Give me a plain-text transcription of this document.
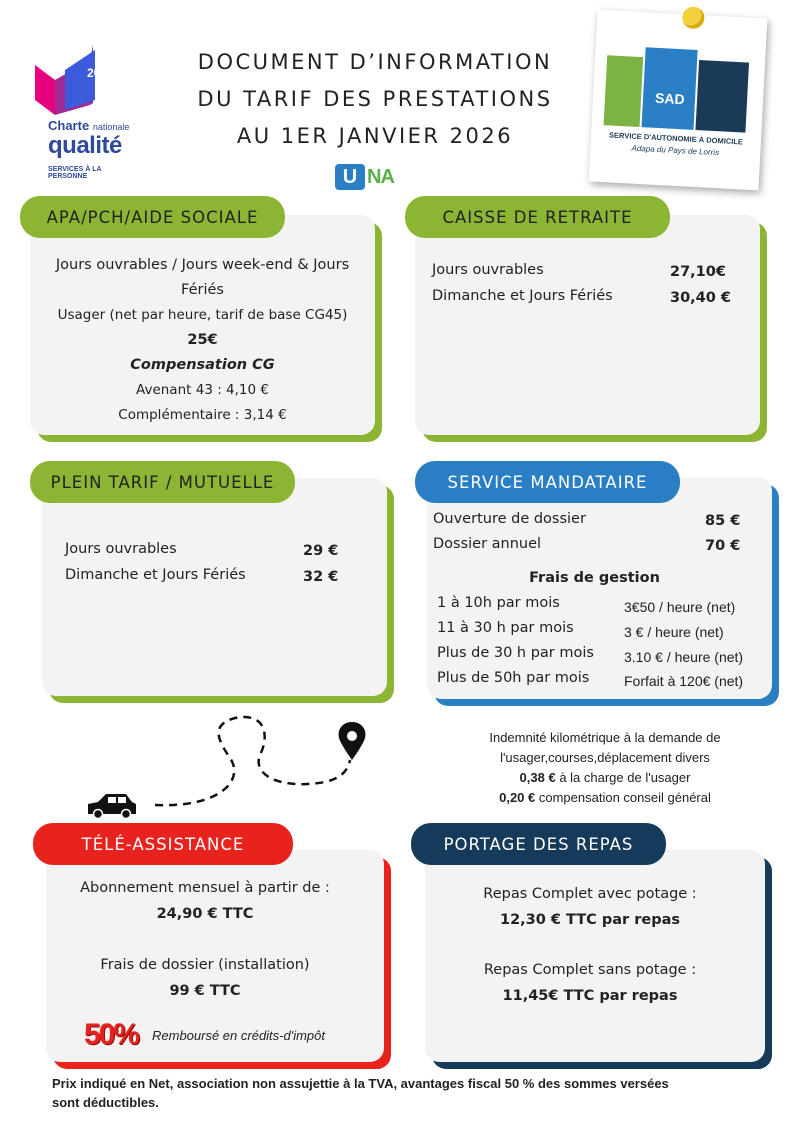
DOCUMENT D’INFORMATION
DU TARIF DES PRESTATIONS
AU 1ER JANVIER 2026
2024
Charte nationale
qualité
SERVICES À LA PERSONNE	U NA
SAD
SERVICE D'AUTONOMIE À DOMICILE
Adapa du Pays de Lorris
APA/PCH/AIDE SOCIALE
Jours ouvrables / Jours week-end & Jours
Fériés
Usager (net par heure, tarif de base CG45)
25€
Compensation CG
Avenant 43 : 4,10 €
Complémentaire : 3,14 €
CAISSE DE RETRAITE
Jours ouvrables	27,10€
Dimanche et Jours Fériés	30,40 €
PLEIN TARIF / MUTUELLE
Jours ouvrables	29 €
Dimanche et Jours Fériés	32 €
SERVICE MANDATAIRE
Ouverture de dossier	85 €
Dossier annuel	70 €
Frais de gestion
1 à 10h par mois	3€50 / heure (net)
11 à 30 h par mois	3 € / heure (net)
Plus de 30 h par mois 3.10 € / heure (net)
Plus de 50h par mois Forfait à 120€ (net)
Indemnité kilométrique à la demande de
l'usager,courses,déplacement divers
0,38 € à la charge de l'usager
0,20 € compensation conseil général
TÉLÉ-ASSISTANCE
Abonnement mensuel à partir de :
24,90 € TTC
Frais de dossier (installation)
99 € TTC
50% Remboursé en crédits-d'impôt
PORTAGE DES REPAS
Repas Complet avec potage :
12,30 € TTC par repas
Repas Complet sans potage :
11,45€ TTC par repas
Prix indiqué en Net, association non assujettie à la TVA, avantages fiscal 50 % des sommes versées
sont déductibles.
